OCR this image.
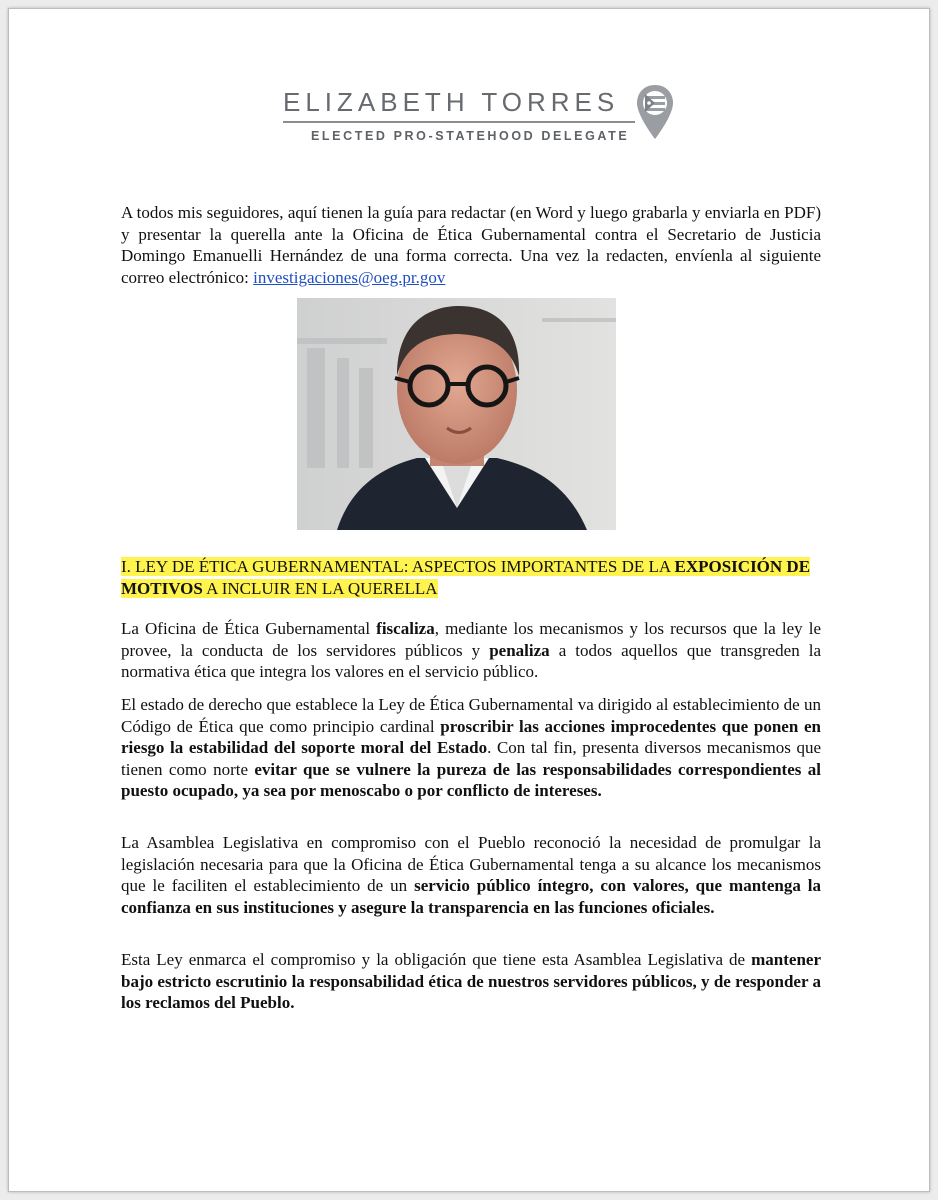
ELIZABETH TORRES
ELECTED PRO-STATEHOOD DELEGATE
A todos mis seguidores, aquí tienen la guía para redactar (en Word y luego grabarla y enviarla en PDF) y presentar la querella ante la Oficina de Ética Gubernamental contra el Secretario de Justicia Domingo Emanuelli Hernández de una forma correcta. Una vez la redacten, envíenla al siguiente correo electrónico: investigaciones@oeg.pr.gov
I. LEY DE ÉTICA GUBERNAMENTAL: ASPECTOS IMPORTANTES DE LA EXPOSICIÓN DE MOTIVOS A INCLUIR EN LA QUERELLA
La Oficina de Ética Gubernamental fiscaliza, mediante los mecanismos y los recursos que la ley le provee, la conducta de los servidores públicos y penaliza a todos aquellos que transgreden la normativa ética que integra los valores en el servicio público.
El estado de derecho que establece la Ley de Ética Gubernamental va dirigido al establecimiento de un Código de Ética que como principio cardinal proscribir las acciones improcedentes que ponen en riesgo la estabilidad del soporte moral del Estado. Con tal fin, presenta diversos mecanismos que tienen como norte evitar que se vulnere la pureza de las responsabilidades correspondientes al puesto ocupado, ya sea por menoscabo o por conflicto de intereses.
La Asamblea Legislativa en compromiso con el Pueblo reconoció la necesidad de promulgar la legislación necesaria para que la Oficina de Ética Gubernamental tenga a su alcance los mecanismos que le faciliten el establecimiento de un servicio público íntegro, con valores, que mantenga la confianza en sus instituciones y asegure la transparencia en las funciones oficiales.
Esta Ley enmarca el compromiso y la obligación que tiene esta Asamblea Legislativa de mantener bajo estricto escrutinio la responsabilidad ética de nuestros servidores públicos, y de responder a los reclamos del Pueblo.
